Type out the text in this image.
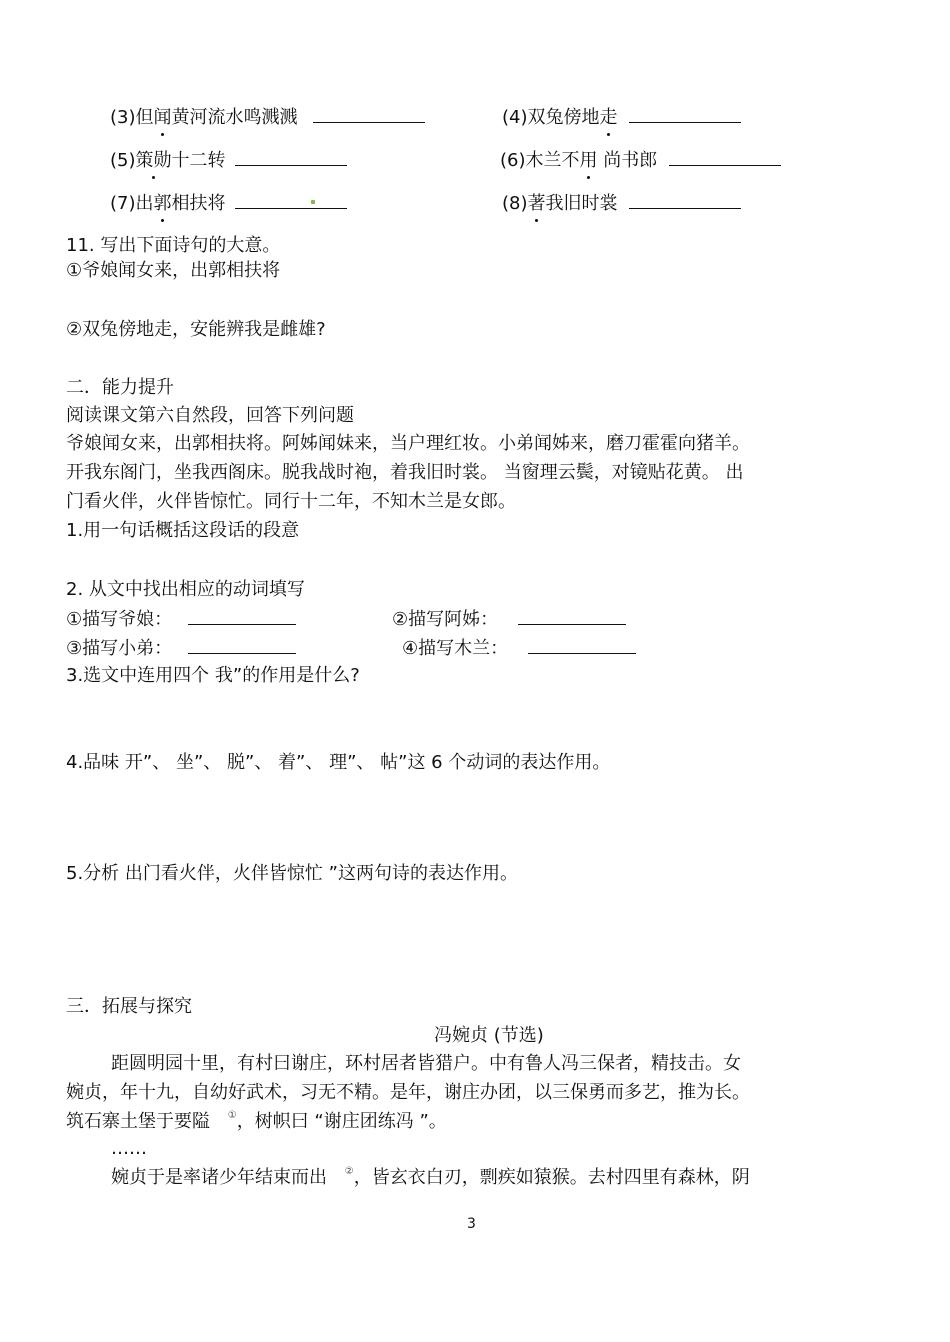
(3)但闻黄河流水鸣溅溅	(4)双兔傍地走
(5)策勋十二转	(6)木兰不用 尚书郎
(7)出郭相扶将	(8)著我旧时裳
11. 写出下面诗句的大意。
①爷娘闻女来，出郭相扶将
②双兔傍地走，安能辨我是雌雄?
二．能力提升
阅读课文第六自然段，回答下列问题
爷娘闻女来，出郭相扶将。阿姊闻妹来，当户理红妆。小弟闻姊来，磨刀霍霍向猪羊。
开我东阁门，坐我西阁床。脱我战时袍，着我旧时裳。 当窗理云鬓，对镜贴花黄。 出
门看火伴，火伴皆惊忙。同行十二年，不知木兰是女郎。
1.用一句话概括这段话的段意
2. 从文中找出相应的动词填写
①描写爷娘：	②描写阿姊：
③描写小弟：	④描写木兰：
3.选文中连用四个 我”的作用是什么?
4.品味 开”、 坐”、 脱”、 着”、 理”、 帖”这 6 个动词的表达作用。
5.分析 出门看火伴，火伴皆惊忙 ”这两句诗的表达作用。
三．拓展与探究
冯婉贞 (节选)
距圆明园十里，有村曰谢庄，环村居者皆猎户。中有鲁人冯三保者，精技击。女
婉贞，年十九，自幼好武术，习无不精。是年，谢庄办团，以三保勇而多艺，推为长。
筑石寨土堡于要隘 ①，树帜曰 “谢庄团练冯 ”。
……
婉贞于是率诸少年结束而出 ②，皆玄衣白刃，剽疾如猿猴。去村四里有森林，阴
3
